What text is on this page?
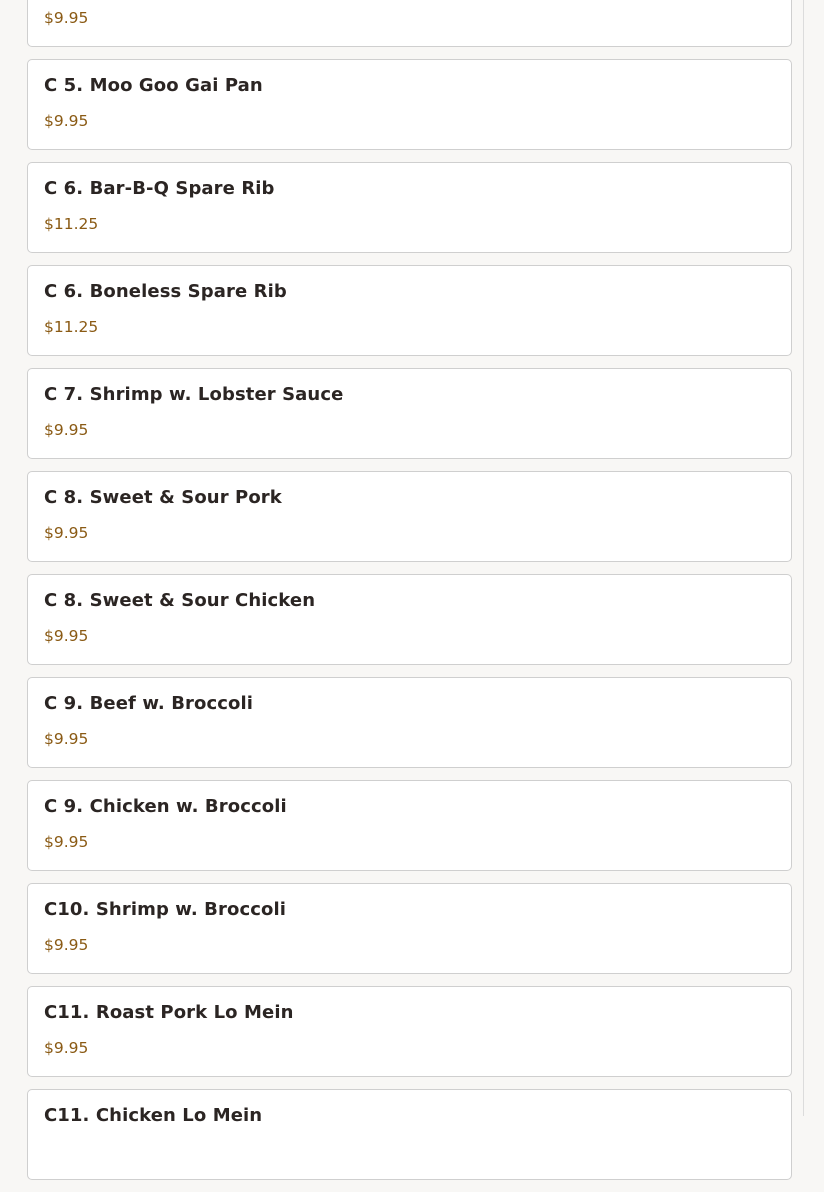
$9.95
C 5. Moo Goo Gai Pan
$9.95
C 6. Bar-B-Q Spare Rib
$11.25
C 6. Boneless Spare Rib
$11.25
C 7. Shrimp w. Lobster Sauce
$9.95
C 8. Sweet & Sour Pork
$9.95
C 8. Sweet & Sour Chicken
$9.95
C 9. Beef w. Broccoli
$9.95
C 9. Chicken w. Broccoli
$9.95
C10. Shrimp w. Broccoli
$9.95
C11. Roast Pork Lo Mein
$9.95
C11. Chicken Lo Mein
